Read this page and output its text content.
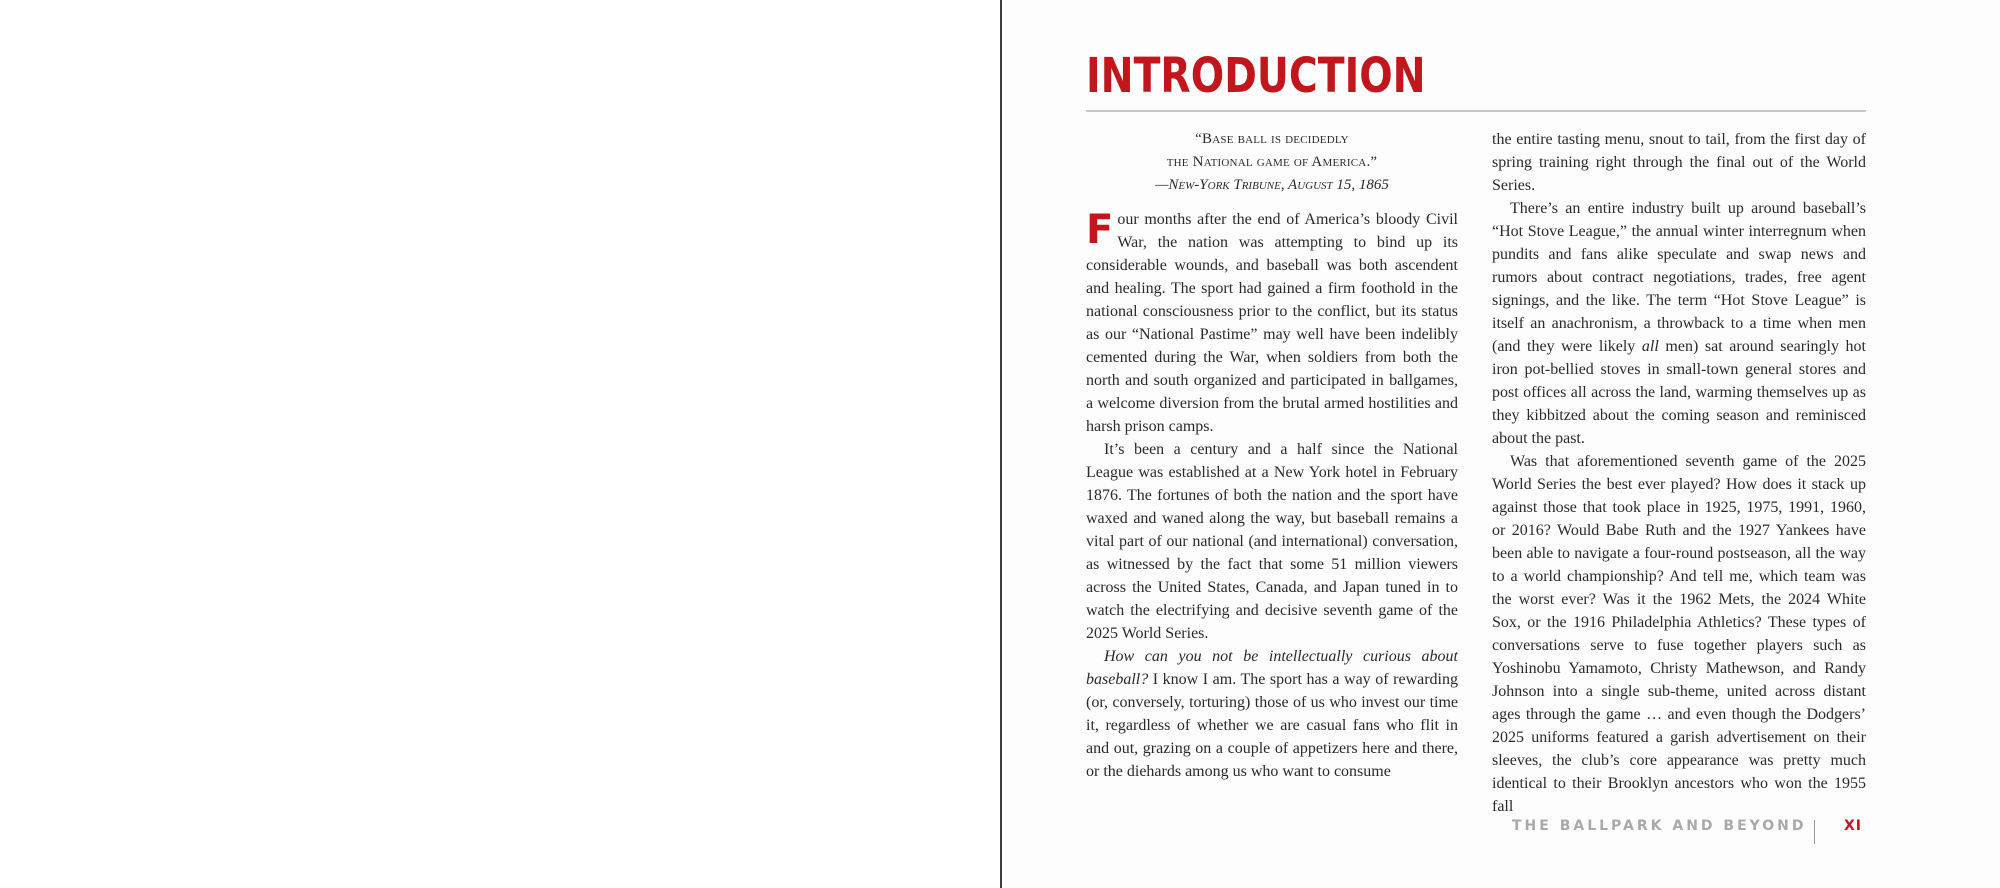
INTRODUCTION
“Base ball is decidedly
the National game of America.”
—New-York Tribune, August 15, 1865

Four months after the end of America’s bloody Civil War, the nation was attempting to bind up its considerable wounds, and baseball was both ascendent and healing. The sport had gained a firm foothold in the national consciousness prior to the conflict, but its status as our “National Pastime” may well have been indelibly cemented during the War, when soldiers from both the north and south organized and participated in ballgames, a welcome diversion from the brutal armed hostilities and harsh prison camps.

It’s been a century and a half since the National League was established at a New York hotel in February 1876. The fortunes of both the nation and the sport have waxed and waned along the way, but baseball remains a vital part of our national (and international) conversation, as witnessed by the fact that some 51 million viewers across the United States, Canada, and Japan tuned in to watch the electrifying and decisive seventh game of the 2025 World Series.

How can you not be intellectually curious about baseball? I know I am. The sport has a way of rewarding (or, conversely, torturing) those of us who invest our time it, regardless of whether we are casual fans who flit in and out, grazing on a couple of appetizers here and there, or the diehards among us who want to consume

the entire tasting menu, snout to tail, from the first day of spring training right through the final out of the World Series.

There’s an entire industry built up around baseball’s “Hot Stove League,” the annual winter interregnum when pundits and fans alike speculate and swap news and rumors about contract negotiations, trades, free agent signings, and the like. The term “Hot Stove League” is itself an anachronism, a throwback to a time when men (and they were likely all men) sat around searingly hot iron pot-bellied stoves in small-town general stores and post offices all across the land, warming themselves up as they kibbitzed about the coming season and reminisced about the past.

Was that aforementioned seventh game of the 2025 World Series the best ever played? How does it stack up against those that took place in 1925, 1975, 1991, 1960, or 2016? Would Babe Ruth and the 1927 Yankees have been able to navigate a four-round postseason, all the way to a world championship? And tell me, which team was the worst ever? Was it the 1962 Mets, the 2024 White Sox, or the 1916 Philadelphia Athletics? These types of conversations serve to fuse together players such as Yoshinobu Yamamoto, Christy Mathewson, and Randy Johnson into a single sub-theme, united across distant ages through the game … and even though the Dodgers’ 2025 uniforms featured a garish advertisement on their sleeves, the club’s core appearance was pretty much identical to their Brooklyn ancestors who won the 1955 fall

THE BALLPARK AND BEYOND	XI
